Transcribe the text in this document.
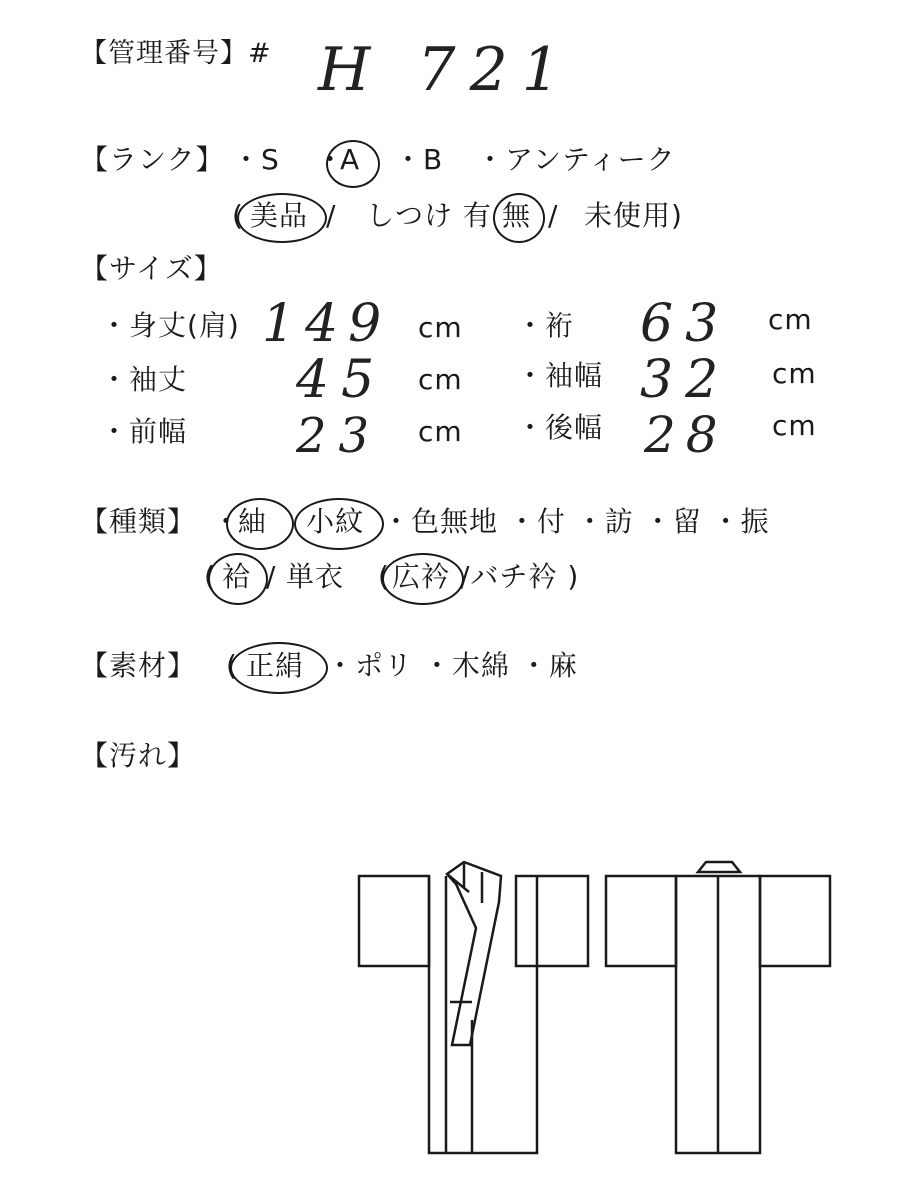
【管理番号】# H 721
【ランク】 ・S ・
A ・B ・アンティーク
( 美品 / しつけ 有 無 / 未使用)
【サイズ】
・身丈(肩) 149 cm ・裄 63 cm
・袖丈 45 cm ・袖幅 32 cm
・前幅 23 cm ・後幅 28 cm
【種類】 ・
紬 小紋 ・色無地 ・付 ・訪 ・留 ・振
( 袷 / 単衣 ( 広衿 /バチ衿 )
【素材】 ( 正絹 ・ポリ ・木綿 ・麻
【汚れ】
